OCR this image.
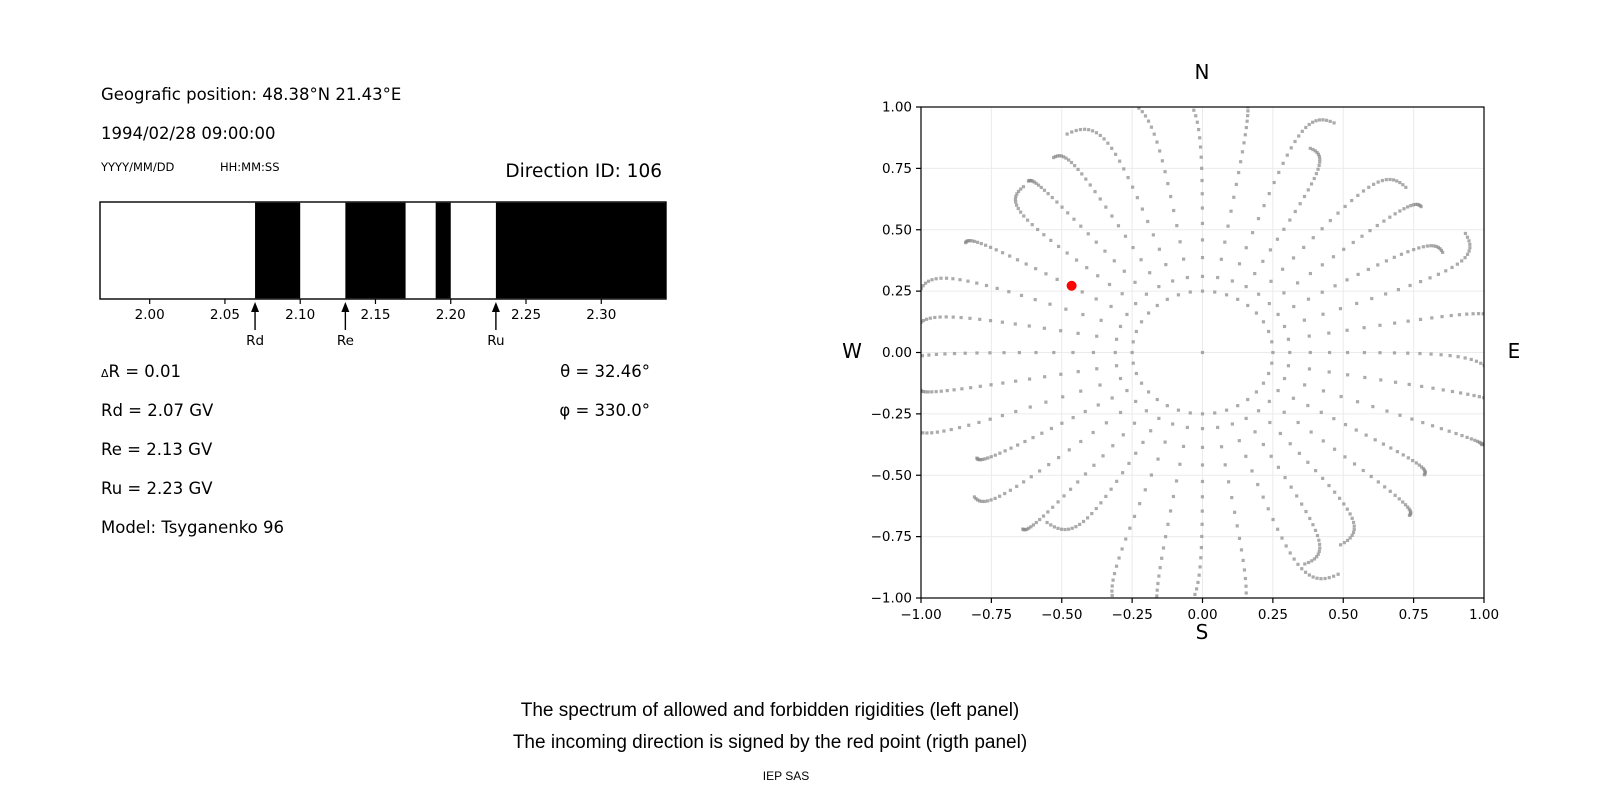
Geografic position: 48.38°N 21.43°E
1994/02/28 09:00:00
YYYY/MM/DD	HH:MM:SS	Direction ID: 106
ΔR = 0.01
Rd = 2.07 GV
Re = 2.13 GV
Ru = 2.23 GV
Model: Tsyganenko 96
θ = 32.46°
φ = 330.0°
N
S
W	E
The spectrum of allowed and forbidden rigidities (left panel)
The incoming direction is signed by the red point (rigth panel)
IEP SAS
2.00	2.05	2.10	2.15	2.20	2.25	2.30
Rd	Re	Ru
−1.00 −0.75 −0.50 −0.25	0.00	0.25	0.50	0.75	1.00
−1.00
−0.75
−0.50
−0.25
0.00
0.25
0.50
0.75
1.00
